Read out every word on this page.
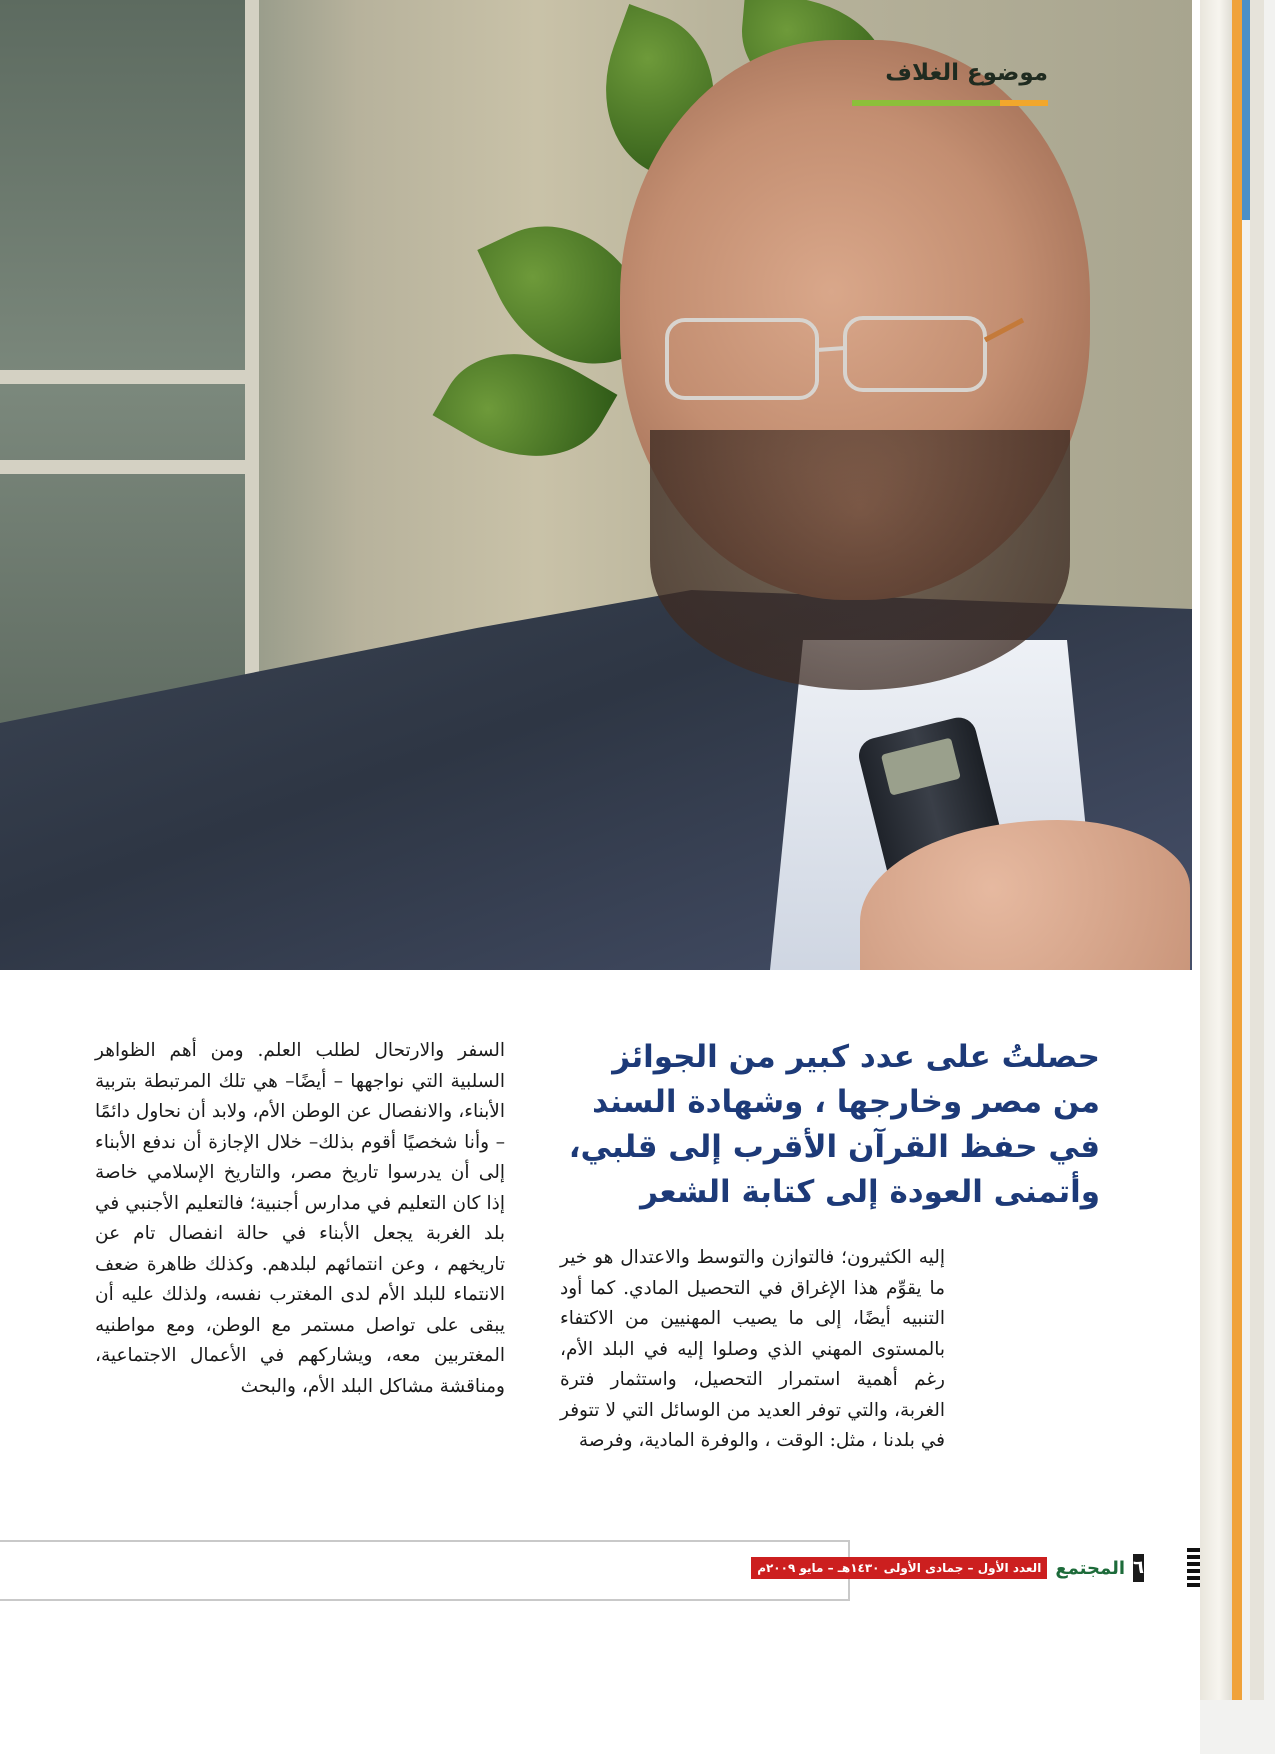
موضوع الغلاف
حصلتُ على عدد كبير من الجوائز
من مصر وخارجها ، وشهادة السند
في حفظ القرآن الأقرب إلى قلبي،
وأتمنى العودة إلى كتابة الشعر

السفر والارتحال لطلب العلم. ومن أهم الظواهر السلبية التي نواجهها – أيضًا– هي تلك المرتبطة بتربية الأبناء، والانفصال عن الوطن الأم، ولابد أن نحاول دائمًا – وأنا شخصيًا أقوم بذلك– خلال الإجازة أن ندفع الأبناء إلى أن يدرسوا تاريخ مصر، والتاريخ الإسلامي خاصة إذا كان التعليم في مدارس أجنبية؛ فالتعليم الأجنبي في بلد الغربة يجعل الأبناء في حالة انفصال تام عن تاريخهم ، وعن انتمائهم لبلدهم. وكذلك ظاهرة ضعف الانتماء للبلد الأم لدى المغترب نفسه، ولذلك عليه أن يبقى على تواصل مستمر مع الوطن، ومع مواطنيه المغتربين معه، ويشاركهم في الأعمال الاجتماعية، ومناقشة مشاكل البلد الأم، والبحث

إليه الكثيرون؛ فالتوازن والتوسط والاعتدال هو خير ما يقوِّم هذا الإغراق في التحصيل المادي. كما أود التنبيه أيضًا، إلى ما يصيب المهنيين من الاكتفاء بالمستوى المهني الذي وصلوا إليه في البلد الأم، رغم أهمية استمرار التحصيل، واستثمار فترة الغربة، والتي توفر العديد من الوسائل التي لا تتوفر في بلدنا ، مثل: الوقت ، والوفرة المادية، وفرصة

٦
المجتمع
العدد الأول – جمادى الأولى ١٤٣٠هـ – مايو ٢٠٠٩م
